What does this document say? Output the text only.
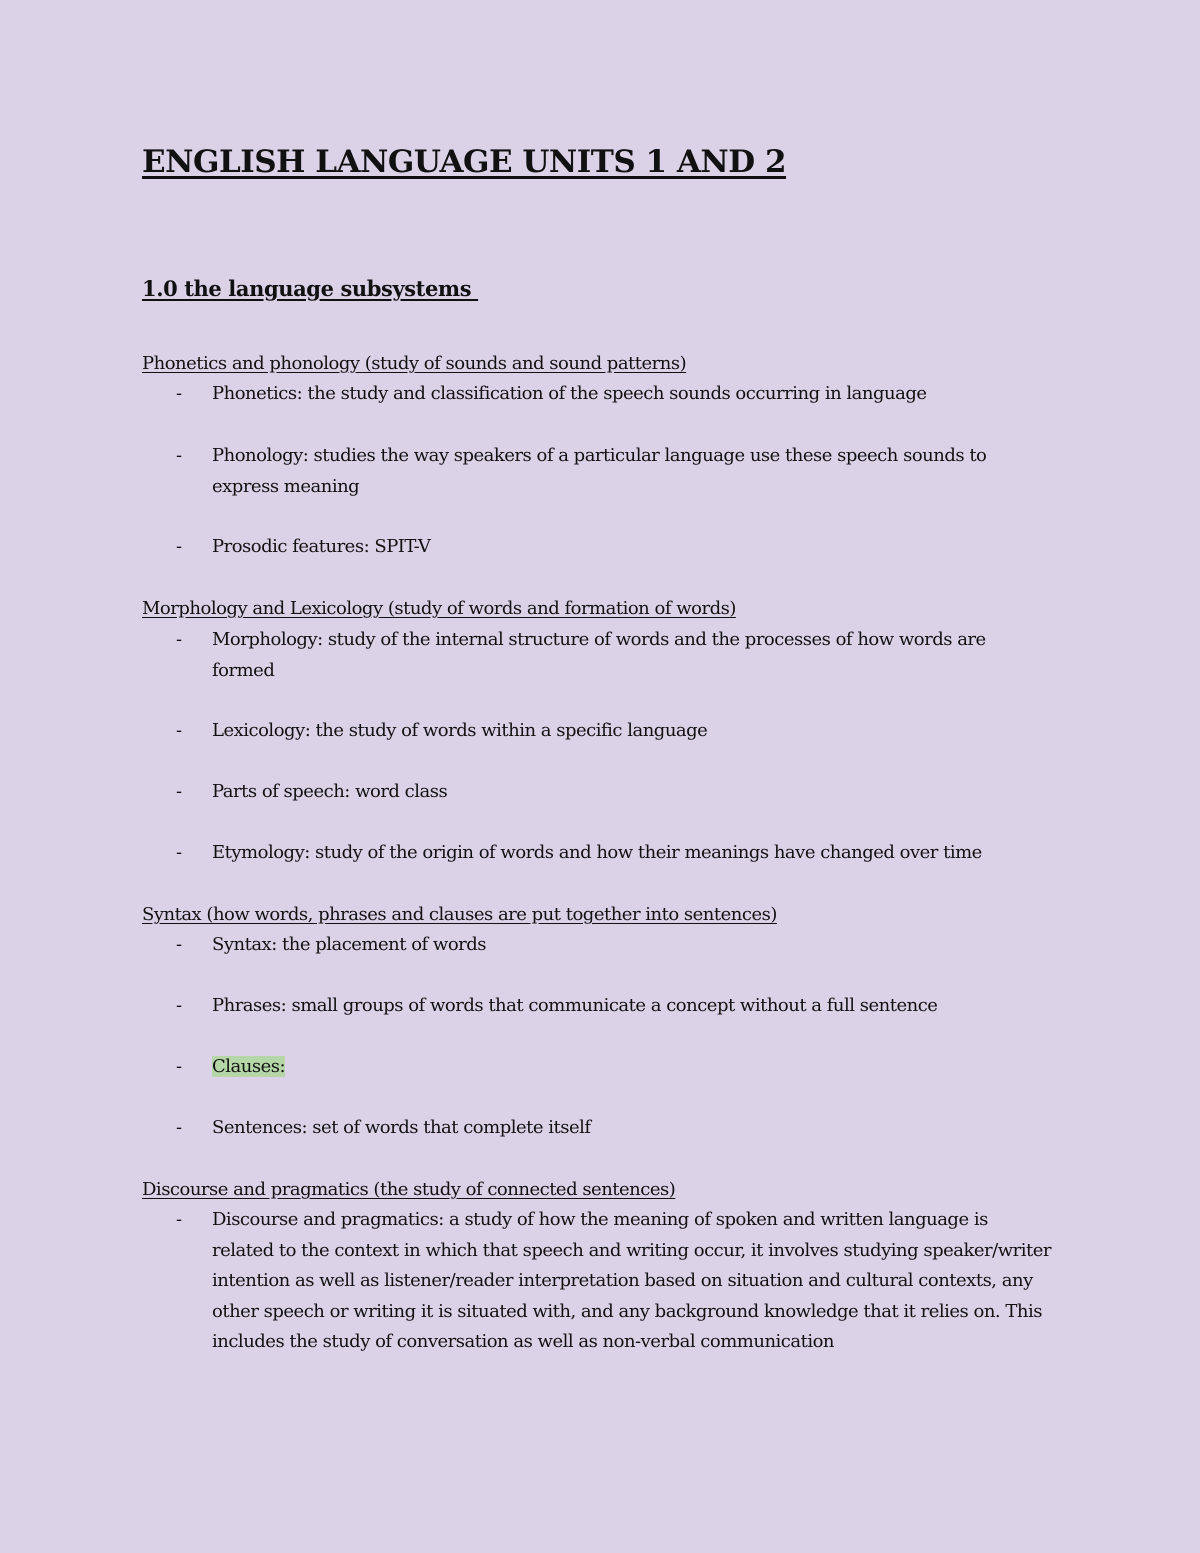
ENGLISH LANGUAGE UNITS 1 AND 2
1.0 the language subsystems
Phonetics and phonology (study of sounds and sound patterns)
- Phonetics: the study and classification of the speech sounds occurring in language
- Phonology: studies the way speakers of a particular language use these speech sounds to express meaning
- Prosodic features: SPIT-V
Morphology and Lexicology (study of words and formation of words)
- Morphology: study of the internal structure of words and the processes of how words are formed
- Lexicology: the study of words within a specific language
- Parts of speech: word class
- Etymology: study of the origin of words and how their meanings have changed over time
Syntax (how words, phrases and clauses are put together into sentences)
- Syntax: the placement of words
- Phrases: small groups of words that communicate a concept without a full sentence
- Clauses:
- Sentences: set of words that complete itself
Discourse and pragmatics (the study of connected sentences)
- Discourse and pragmatics: a study of how the meaning of spoken and written language is related to the context in which that speech and writing occur, it involves studying speaker/writer intention as well as listener/reader interpretation based on situation and cultural contexts, any other speech or writing it is situated with, and any background knowledge that it relies on. This includes the study of conversation as well as non-verbal communication
